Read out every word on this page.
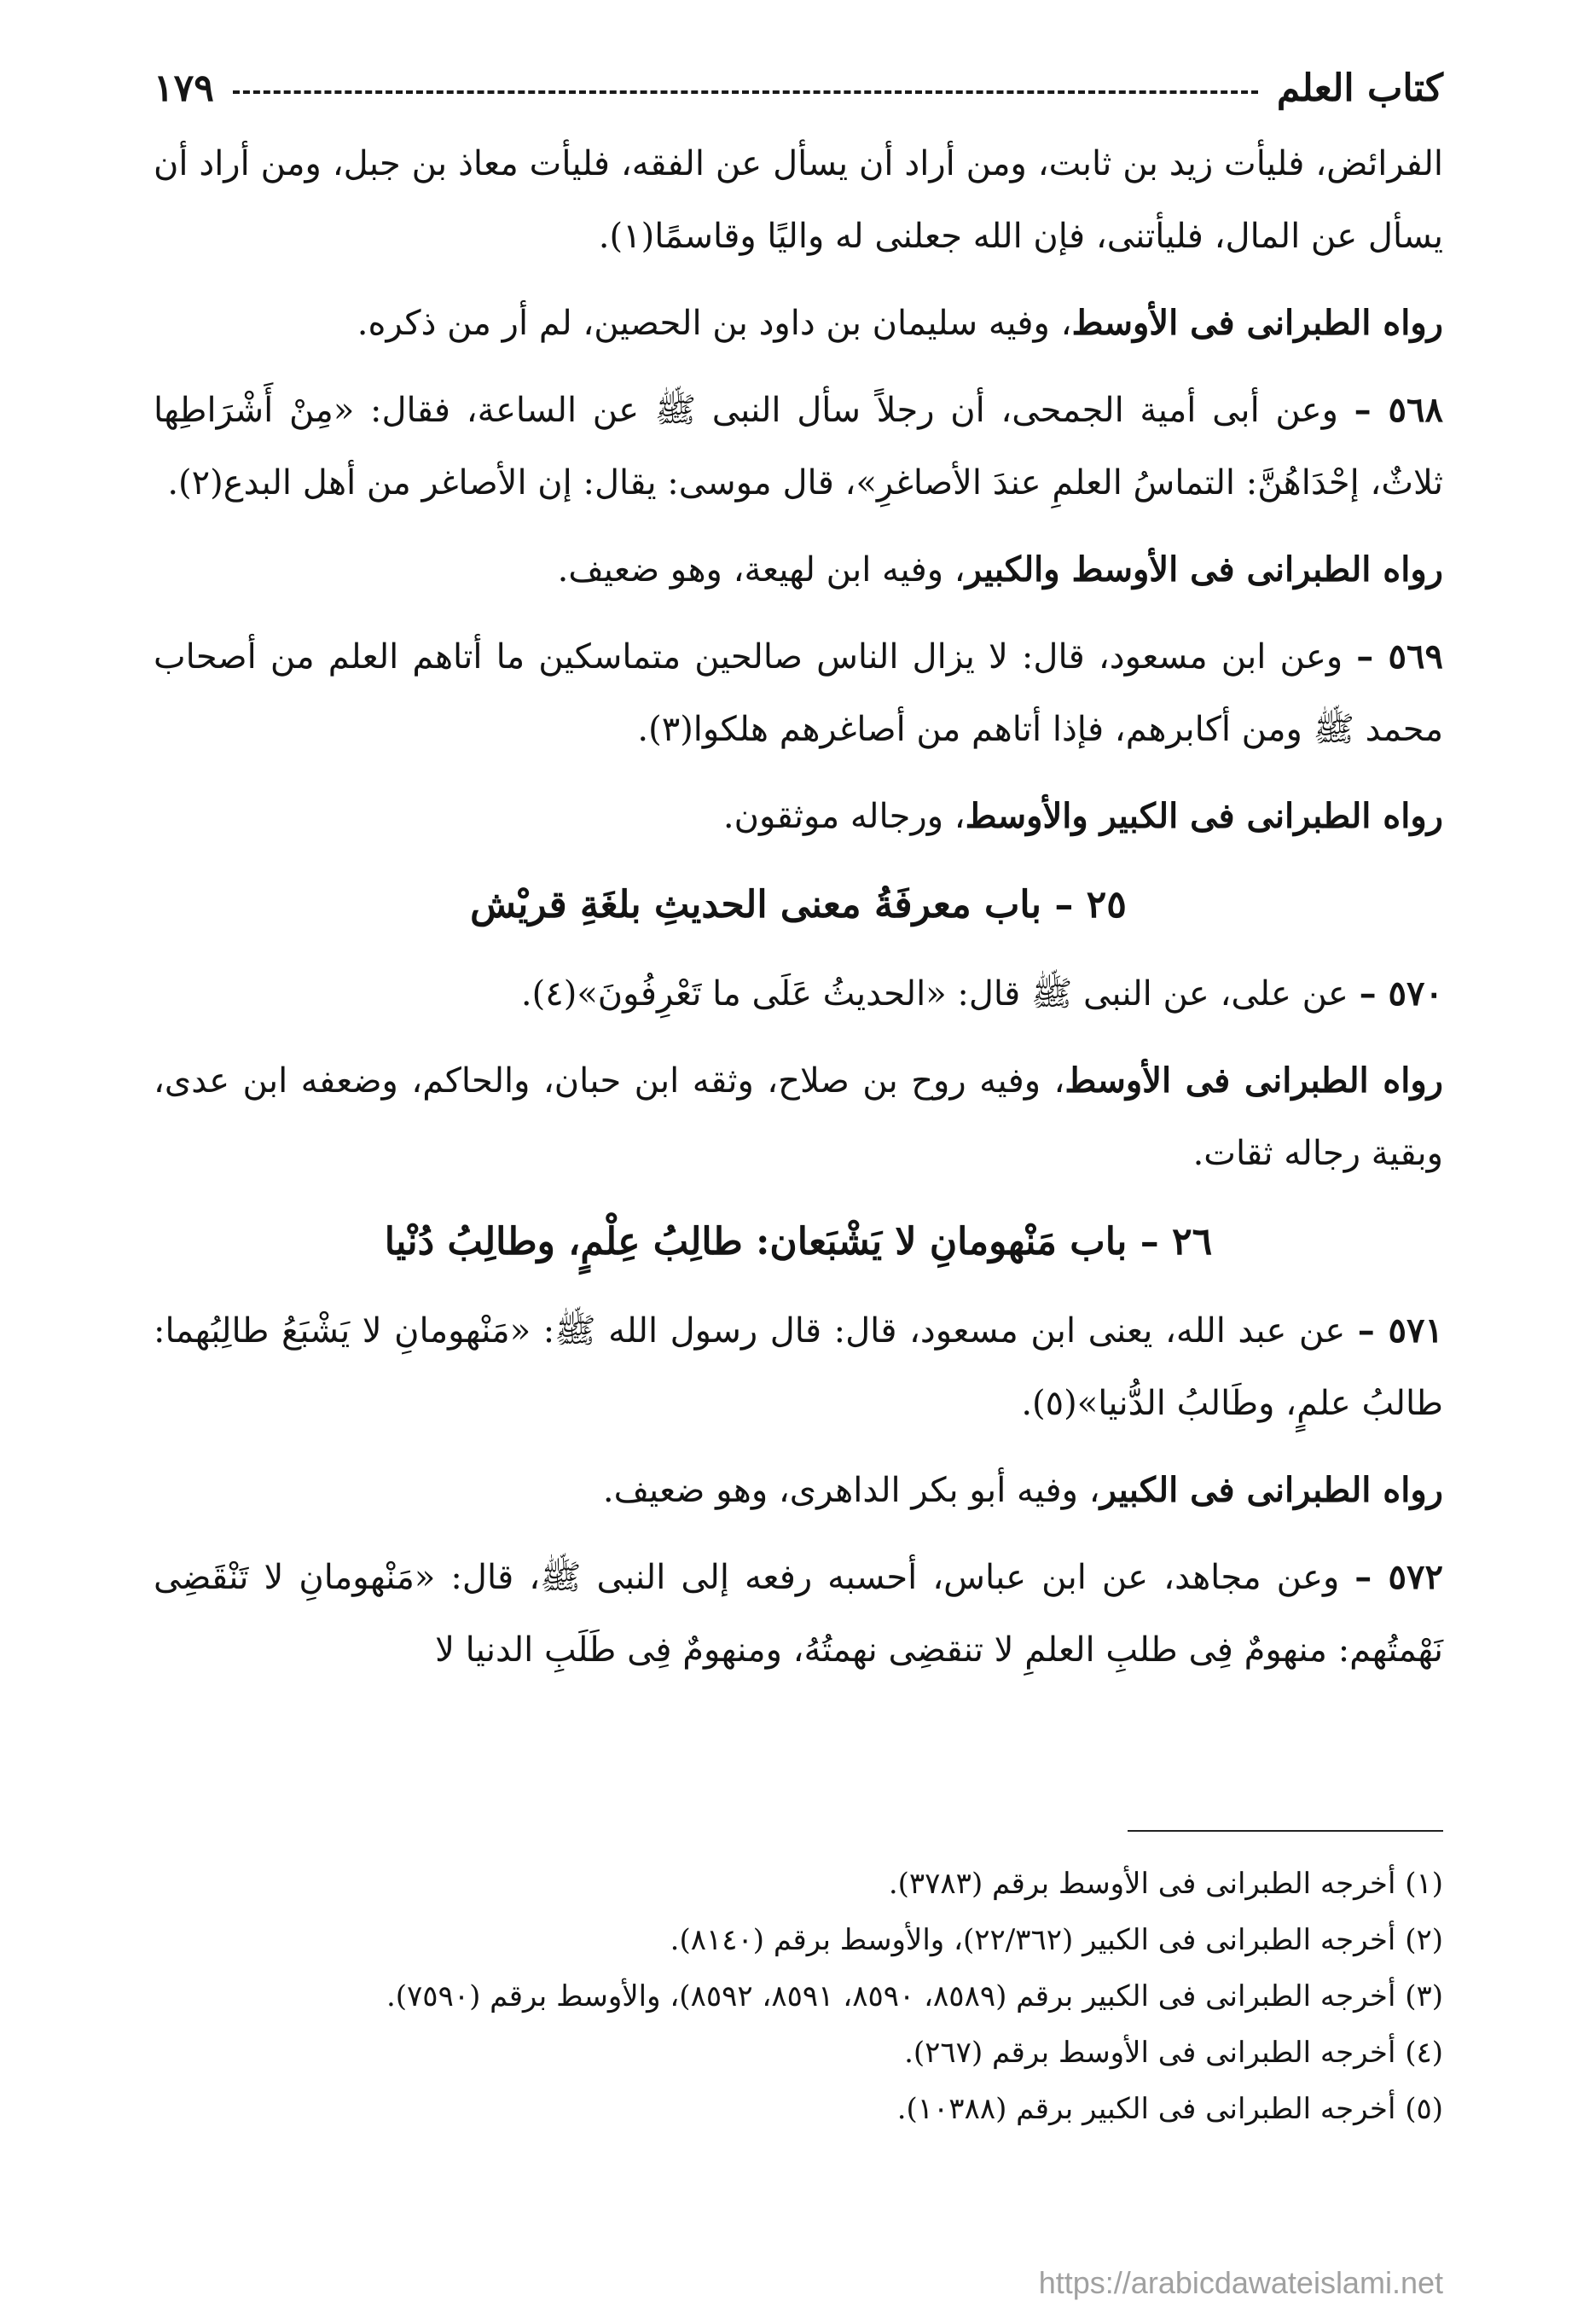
كتاب العلم
١٧٩

الفرائض، فليأت زيد بن ثابت، ومن أراد أن يسأل عن الفقه، فليأت معاذ بن جبل، ومن أراد أن يسأل عن المال، فليأتنى، فإن الله جعلنى له واليًا وقاسمًا(١).

رواه الطبرانى فى الأوسط، وفيه سليمان بن داود بن الحصين، لم أر من ذكره.

٥٦٨ – وعن أبى أمية الجمحى، أن رجلاً سأل النبى ﷺ عن الساعة، فقال: «مِنْ أَشْرَاطِها ثلاثٌ، إحْدَاهُنَّ: التماسُ العلمِ عندَ الأصاغرِ»، قال موسى: يقال: إن الأصاغر من أهل البدع(٢).

رواه الطبرانى فى الأوسط والكبير، وفيه ابن لهيعة، وهو ضعيف.

٥٦٩ – وعن ابن مسعود، قال: لا يزال الناس صالحين متماسكين ما أتاهم العلم من أصحاب محمد ﷺ ومن أكابرهم، فإذا أتاهم من أصاغرهم هلكوا(٣).

رواه الطبرانى فى الكبير والأوسط، ورجاله موثقون.

٢٥ – باب معرفَةُ معنى الحديثِ بلغَةِ قريْش

٥٧٠ – عن على، عن النبى ﷺ قال: «الحديثُ عَلَى ما تَعْرِفُونَ»(٤).

رواه الطبرانى فى الأوسط، وفيه روح بن صلاح، وثقه ابن حبان، والحاكم، وضعفه ابن عدى، وبقية رجاله ثقات.

٢٦ – باب مَنْهومانِ لا يَشْبَعان: طالِبُ عِلْمٍ، وطالِبُ دُنْيا

٥٧١ – عن عبد الله، يعنى ابن مسعود، قال: قال رسول الله ﷺ: «مَنْهومانِ لا يَشْبَعُ طالِبُهما: طالبُ علمٍ، وطَالبُ الدُّنيا»(٥).

رواه الطبرانى فى الكبير، وفيه أبو بكر الداهرى، وهو ضعيف.

٥٧٢ – وعن مجاهد، عن ابن عباس، أحسبه رفعه إلى النبى ﷺ، قال: «مَنْهومانِ لا تَنْقَضِى نَهْمتُهم: منهومٌ فِى طلبِ العلمِ لا تنقضِى نهمتُهُ، ومنهومٌ فِى طَلَبِ الدنيا لا

(١) أخرجه الطبرانى فى الأوسط برقم (٣٧٨٣).

(٢) أخرجه الطبرانى فى الكبير (٢٢/٣٦٢)، والأوسط برقم (٨١٤٠).

(٣) أخرجه الطبرانى فى الكبير برقم (٨٥٨٩، ٨٥٩٠، ٨٥٩١، ٨٥٩٢)، والأوسط برقم (٧٥٩٠).

(٤) أخرجه الطبرانى فى الأوسط برقم (٢٦٧).

(٥) أخرجه الطبرانى فى الكبير برقم (١٠٣٨٨).

https://arabicdawateislami.net
